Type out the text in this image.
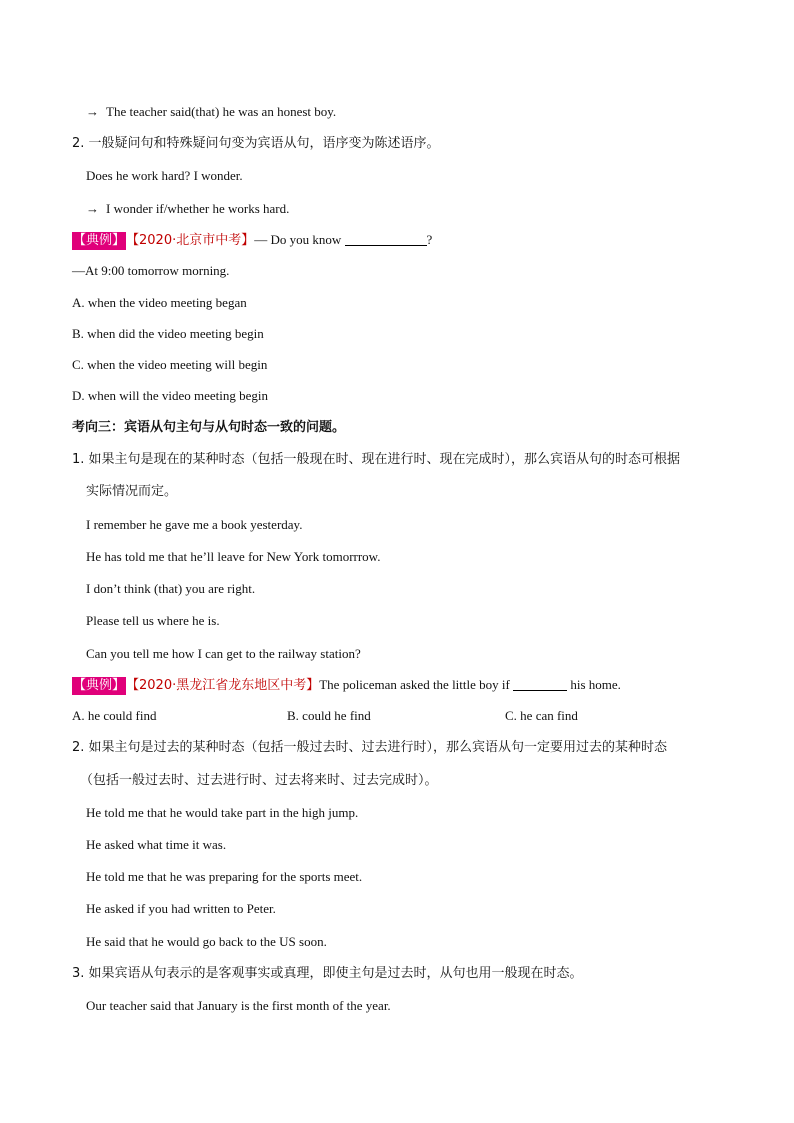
→ The teacher said(that) he was an honest boy.
2. 一般疑问句和特殊疑问句变为宾语从句，语序变为陈述语序。
Does he work hard? I wonder.
→ I wonder if/whether he works hard.
【典例】【2020·北京市中考】— Do you know	?
—At 9:00 tomorrow morning.
A. when the video meeting began
B. when did the video meeting begin
C. when the video meeting will begin
D. when will the video meeting begin
考向三：宾语从句主句与从句时态一致的问题。
1. 如果主句是现在的某种时态（包括一般现在时、现在进行时、现在完成时），那么宾语从句的时态可根据
实际情况而定。
I remember he gave me a book yesterday.
He has told me that he’ll leave for New York tomorrrow.
I don’t think (that) you are right.
Please tell us where he is.
Can you tell me how I can get to the railway station?
【典例】【2020·黑龙江省龙东地区中考】The policeman asked the little boy if	his home.
A. he could find	B. could he find	C. he can find
2. 如果主句是过去的某种时态（包括一般过去时、过去进行时），那么宾语从句一定要用过去的某种时态
（包括一般过去时、过去进行时、过去将来时、过去完成时）。
He told me that he would take part in the high jump.
He asked what time it was.
He told me that he was preparing for the sports meet.
He asked if you had written to Peter.
He said that he would go back to the US soon.
3. 如果宾语从句表示的是客观事实或真理，即使主句是过去时，从句也用一般现在时态。
Our teacher said that January is the first month of the year.
